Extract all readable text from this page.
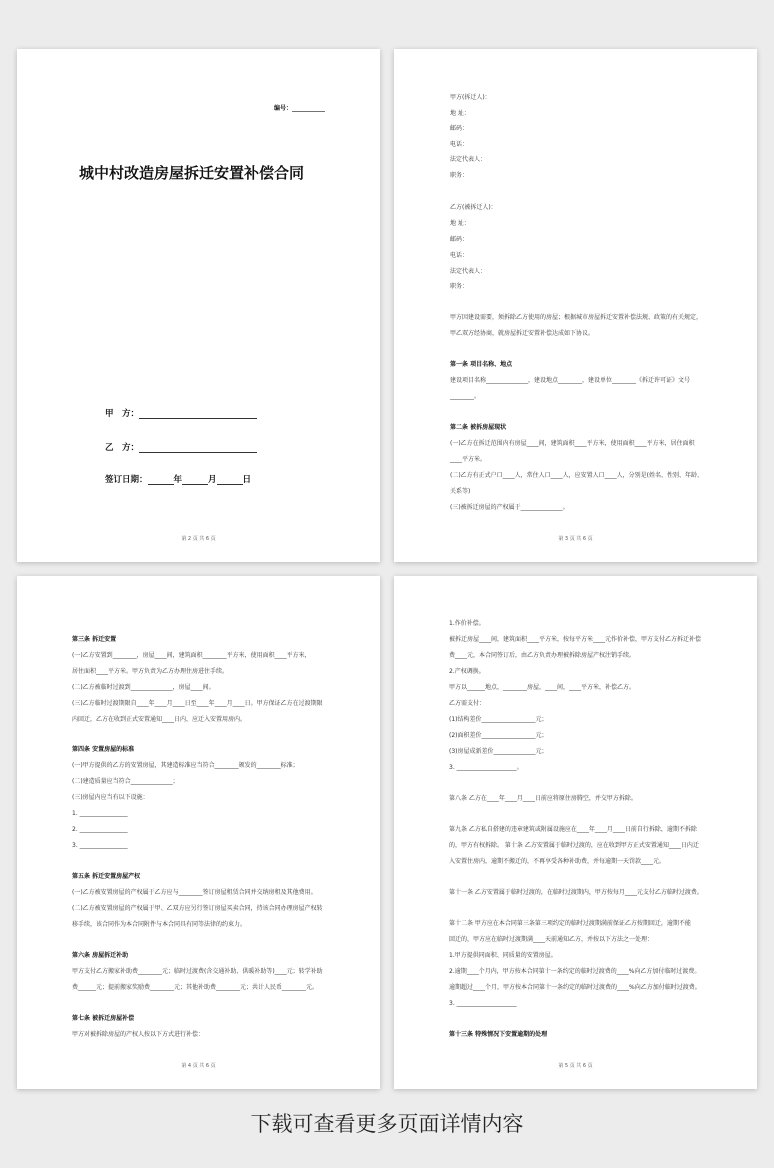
编号：___________
城中村改造房屋拆迁安置补偿合同
甲　方：
乙　方：
签订日期：	年	月	日
第 2 页 共 6 页
甲方(拆迁人)：
地 址：
邮码：
电话：
法定代表人：
职务：
乙方(被拆迁人)：
地 址：
邮码：
电话：
法定代表人：
职务：
甲方因建设需要，须拆除乙方使用的房屋；根据城市房屋拆迁安置补偿法规、政策的有关规定，
甲乙双方经协商，就房屋拆迁安置补偿达成如下协议。
第一条 项目名称、地点
建设项目名称______________，建设地点________，建设单位________《拆迁许可证》文号
________。
第二条 被拆房屋现状
(一)乙方在拆迁范围内有房屋____间，建筑面积____平方米，使用面积____平方米，居住面积
____平方米。
(二)乙方有正式户口____人，常住人口____人，应安置人口____人，分别是(姓名、性别、年龄、
关系等)
(三)被拆迁房屋的产权属于______________。
第 3 页 共 6 页
第三条 拆迁安置
(一)乙方安置到________，房屋____间，建筑面积________平方米，使用面积____平方米，
居住面积____平方米。甲方负责为乙方办理住房进住手续。
(二)乙方被临时过渡到______________，房屋____间。
(三)乙方临时过渡期限自____年____月____日至____年____月____日。甲方保证乙方在过渡期限
内回迁，乙方在收到正式安置通知____日内，应迁入安置用房内。
第四条 安置房屋的标准
(一)甲方提供的乙方的安置房屋，其建造标准应当符合________颁发的________标准；
(二)建造质量应当符合______________；
(三)房屋内应当有以下设施：
1. ________________
2. ________________
3. ________________
第五条 拆迁安置房屋产权
(一)乙方被安置房屋的产权属于乙方应与________签订房屋租赁合同并交纳房租及其他费用。
(二)乙方被安置房屋的产权属于甲、乙双方应另行签订房屋买卖合同，持该合同办理房屋产权转
移手续，该合同作为本合同附件与本合同具有同等法律的约束力。
第六条 房屋拆迁补助
甲方支付乙方搬家补助费________元；临时过渡费(含交通补助、供暖补助等)____元；转学补助
费______元；提前搬家奖励费________元；其他补助费________元；共计人民币________元。
第七条 被拆迁房屋补偿
甲方对被拆除房屋的产权人按以下方式进行补偿：
第 4 页 共 6 页
1.作价补偿。
被拆迁房屋____间，建筑面积____平方米，按每平方米____元作价补偿，甲方支付乙方拆迁补偿
费____元，本合同签订后，由乙方负责办理被拆除房屋产权注销手续。
2.产权调换。
甲方以______地点，________房屋，____间，____平方米，补偿乙方。
乙方需支付：
(1)结构差价__________________元；
(2)面积差价__________________元；
(3)房屋成新差价______________元；
3. ____________________。
第八条 乙方在____年____月____日前应将原住房腾空，并交甲方拆除。
第九条 乙方私自搭建的违章建筑或附属设施应在____年____月____日前自行拆除，逾期不拆除
的，甲方有权拆除。 第十条 乙方安置属于临时过渡的，应在收到甲方正式安置通知____日内迁
入安置住房内，逾期不搬迁的，不再享受各种补助费，并每逾期一天罚款____元。
第十一条 乙方安置属于临时过渡的，在临时过渡期内，甲方按每月____元支付乙方临时过渡费。
第十二条 甲方应在本合同第三条第三项约定的临时过渡期满前保证乙方按期回迁，逾期不能
回迁的，甲方应在临时过渡期满____天前通知乙方，并按以下方法之一处理：
1.甲方提供同面积、同质量的安置房屋。
2.逾期____个月内，甲方按本合同第十一条约定的临时过渡费的____%向乙方加付临时过渡费。
逾期超过____个月，甲方按本合同第十一条约定的临时过渡费的____%向乙方加付临时过渡费。
3. ____________________
第十三条 特殊情况下安置逾期的处理
第 5 页 共 6 页
下载可查看更多页面详情内容
